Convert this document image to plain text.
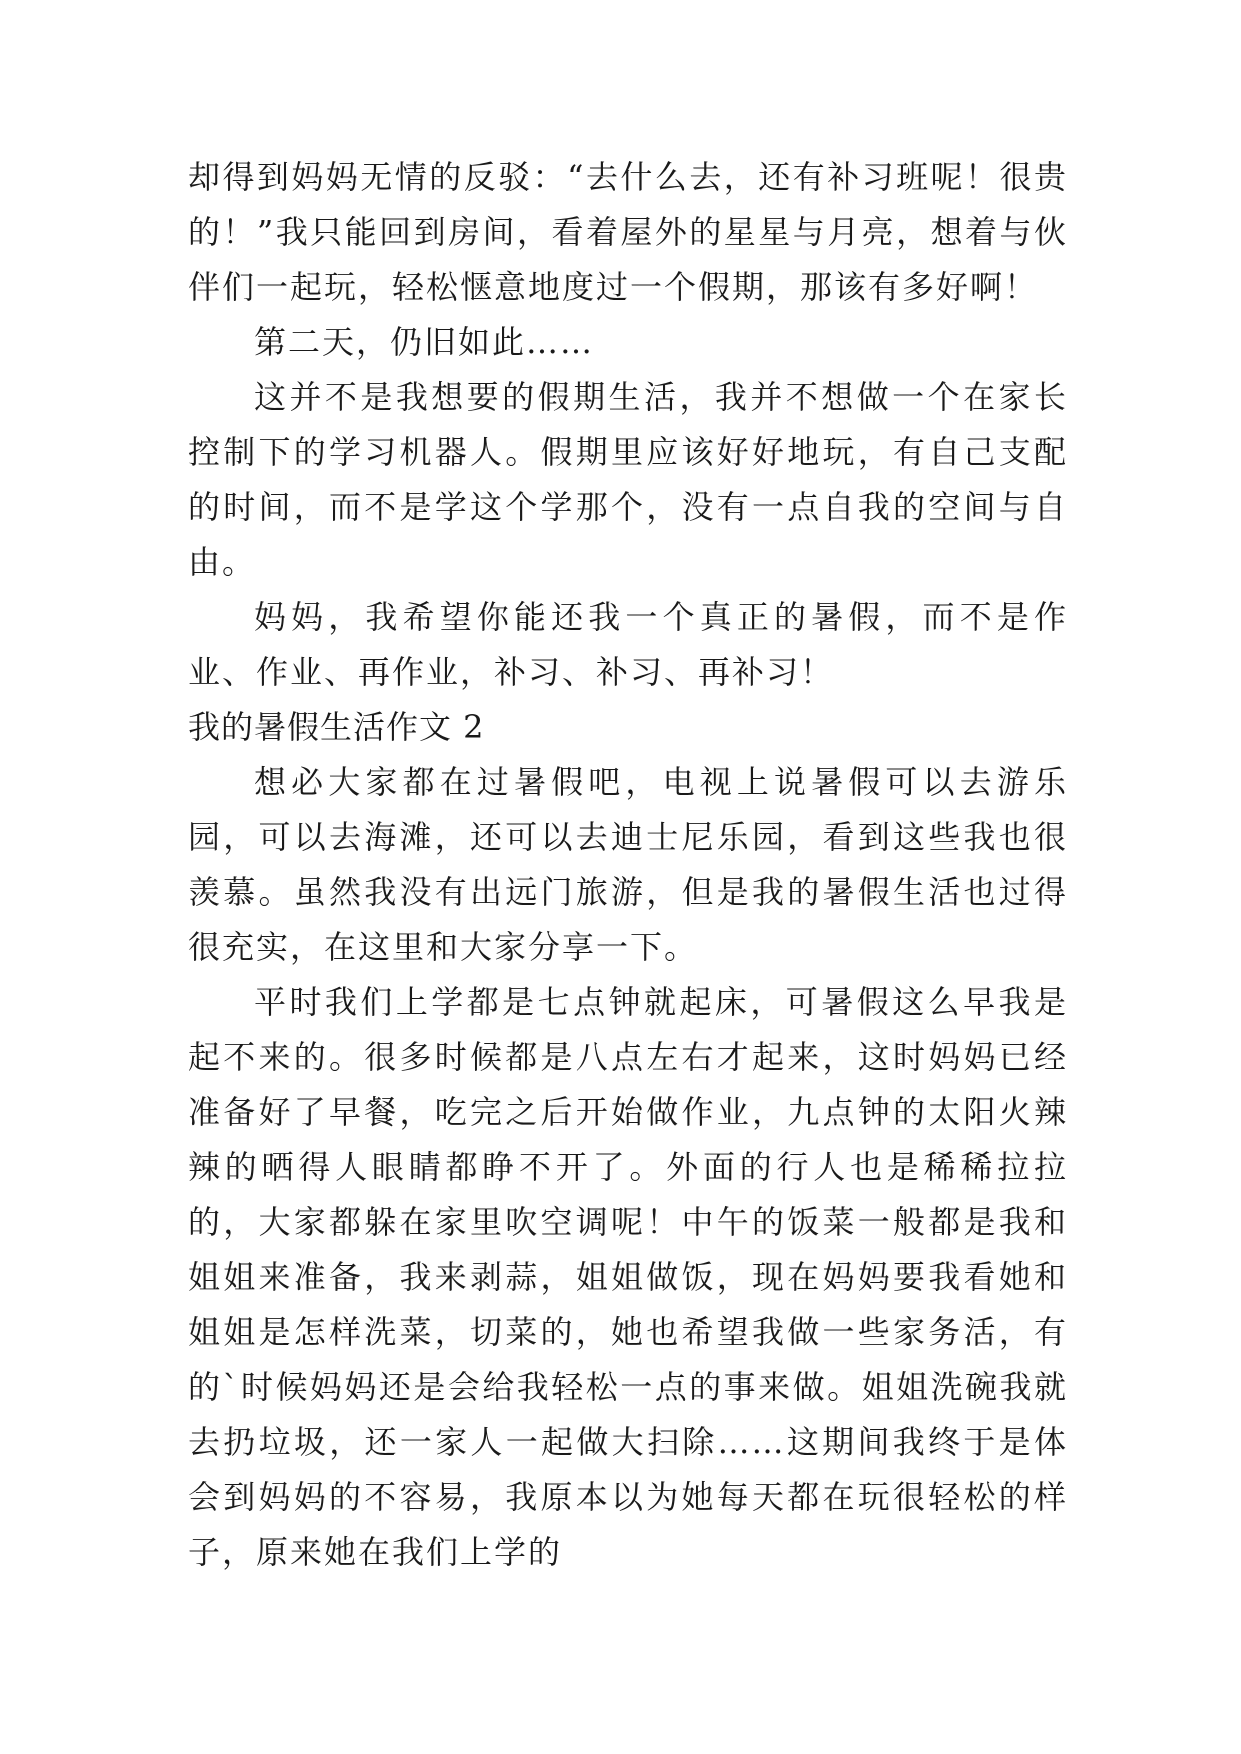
却得到妈妈无情的反驳：“去什么去，还有补习班呢！很贵的！”我只能回到房间，看着屋外的星星与月亮，想着与伙伴们一起玩，轻松惬意地度过一个假期，那该有多好啊！

第二天，仍旧如此……

这并不是我想要的假期生活，我并不想做一个在家长控制下的学习机器人。假期里应该好好地玩，有自己支配的时间，而不是学这个学那个，没有一点自我的空间与自由。

妈妈，我希望你能还我一个真正的暑假，而不是作业、作业、再作业，补习、补习、再补习！

我的暑假生活作文 2

想必大家都在过暑假吧，电视上说暑假可以去游乐园，可以去海滩，还可以去迪士尼乐园，看到这些我也很羡慕。虽然我没有出远门旅游，但是我的暑假生活也过得很充实，在这里和大家分享一下。

平时我们上学都是七点钟就起床，可暑假这么早我是起不来的。很多时候都是八点左右才起来，这时妈妈已经准备好了早餐，吃完之后开始做作业，九点钟的太阳火辣辣的晒得人眼睛都睁不开了。外面的行人也是稀稀拉拉的，大家都躲在家里吹空调呢！中午的饭菜一般都是我和姐姐来准备，我来剥蒜，姐姐做饭，现在妈妈要我看她和姐姐是怎样洗菜，切菜的，她也希望我做一些家务活，有的`时候妈妈还是会给我轻松一点的事来做。姐姐洗碗我就去扔垃圾，还一家人一起做大扫除……这期间我终于是体会到妈妈的不容易，我原本以为她每天都在玩很轻松的样子，原来她在我们上学的
